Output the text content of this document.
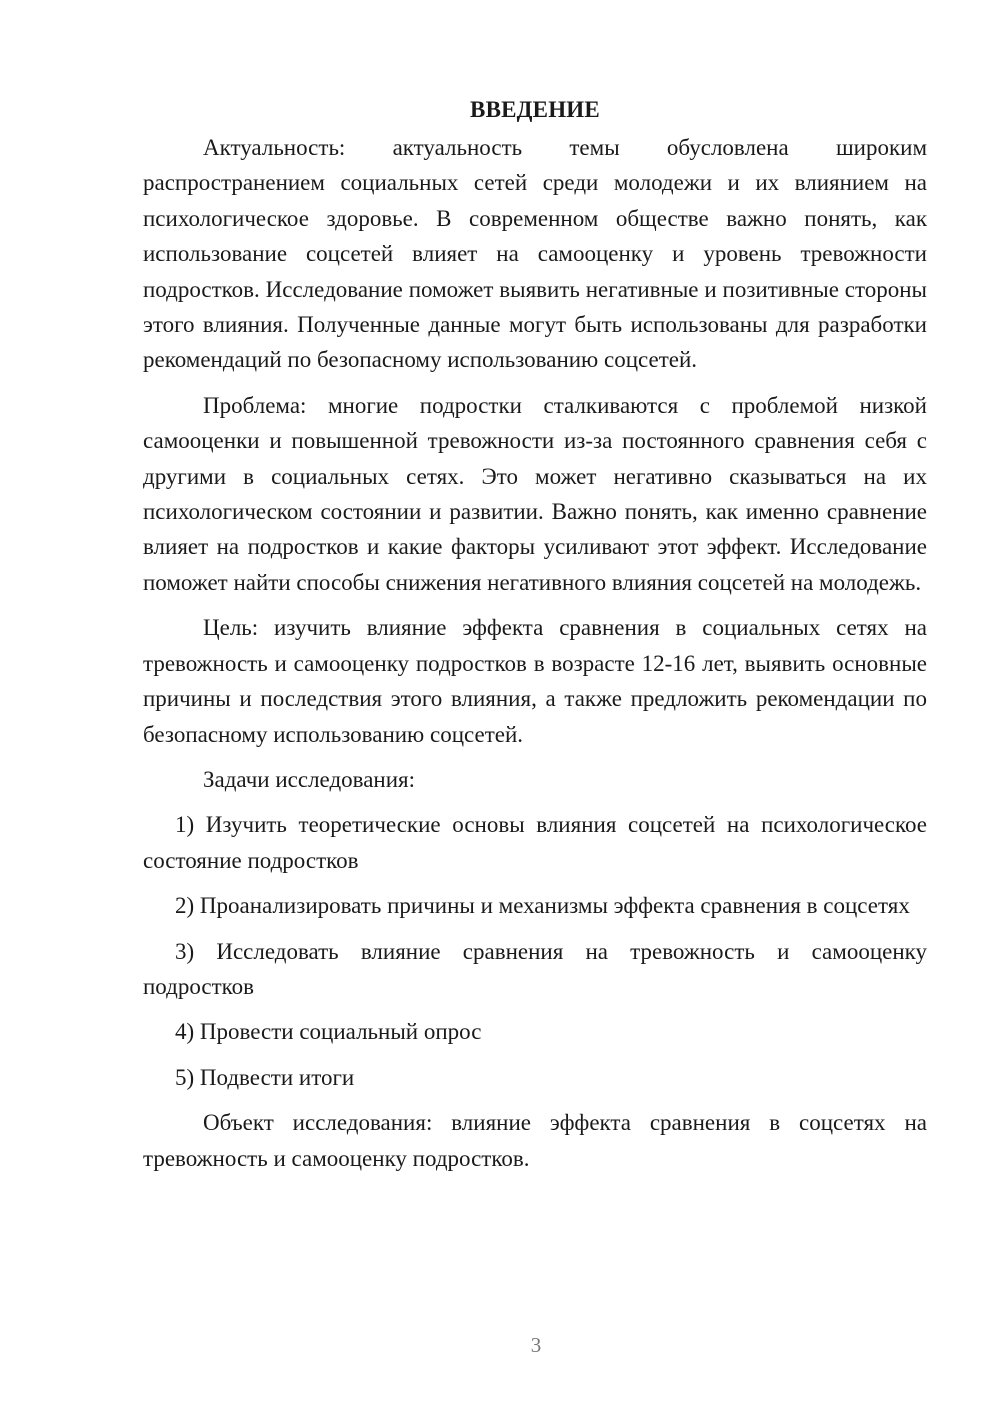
ВВЕДЕНИЕ

Актуальность: актуальность темы обусловлена широким распространением социальных сетей среди молодежи и их влиянием на психологическое здоровье. В современном обществе важно понять, как использование соцсетей влияет на самооценку и уровень тревожности подростков. Исследование поможет выявить негативные и позитивные стороны этого влияния. Полученные данные могут быть использованы для разработки рекомендаций по безопасному использованию соцсетей.

Проблема: многие подростки сталкиваются с проблемой низкой самооценки и повышенной тревожности из-за постоянного сравнения себя с другими в социальных сетях. Это может негативно сказываться на их психологическом состоянии и развитии. Важно понять, как именно сравнение влияет на подростков и какие факторы усиливают этот эффект. Исследование поможет найти способы снижения негативного влияния соцсетей на молодежь.

Цель: изучить влияние эффекта сравнения в социальных сетях на тревожность и самооценку подростков в возрасте 12-16 лет, выявить основные причины и последствия этого влияния, а также предложить рекомендации по безопасному использованию соцсетей.

Задачи исследования:

1) Изучить теоретические основы влияния соцсетей на психологическое состояние подростков

2) Проанализировать причины и механизмы эффекта сравнения в соцсетях

3) Исследовать влияние сравнения на тревожность и самооценку подростков

4) Провести социальный опрос

5) Подвести итоги

Объект исследования: влияние эффекта сравнения в соцсетях на тревожность и самооценку подростков.

3
